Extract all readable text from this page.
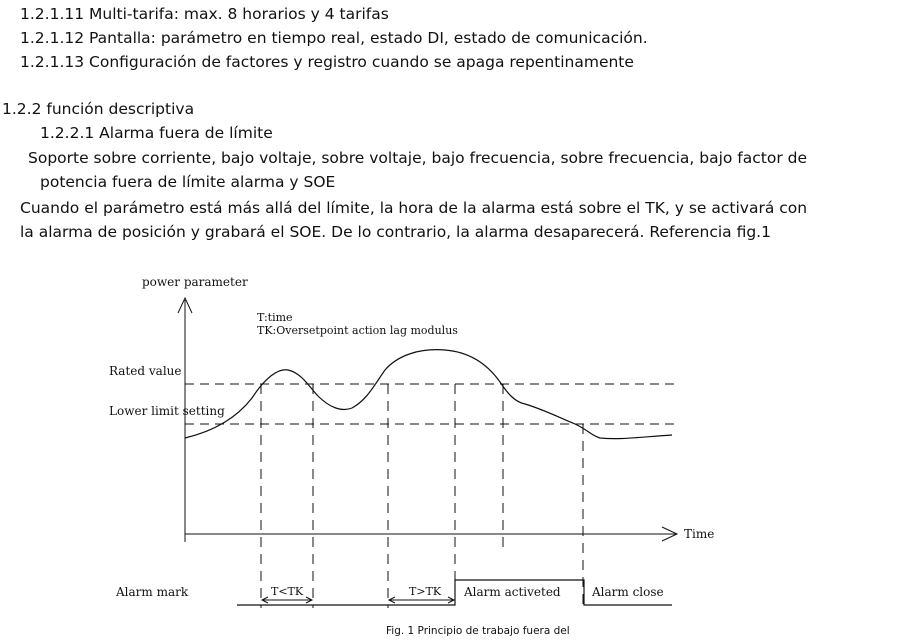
1.2.1.11 Multi-tarifa: max. 8 horarios y 4 tarifas
1.2.1.12 Pantalla: parámetro en tiempo real, estado DI, estado de comunicación.
1.2.1.13 Configuración de factores y registro cuando se apaga repentinamente
1.2.2 función descriptiva
1.2.2.1 Alarma fuera de límite
Soporte sobre corriente, bajo voltaje, sobre voltaje, bajo frecuencia, sobre frecuencia, bajo factor de
potencia fuera de límite alarma y SOE
Cuando el parámetro está más allá del límite, la hora de la alarma está sobre el TK, y se activará con
la alarma de posición y grabará el SOE. De lo contrario, la alarma desaparecerá. Referencia fig.1
power parameter
T:time
TK:Oversetpoint action lag modulus
Rated value
Lower limit setting
Time
Alarm mark	T<TK	T>TK Alarm activeted	Alarm close
Fig. 1 Principio de trabajo fuera del
